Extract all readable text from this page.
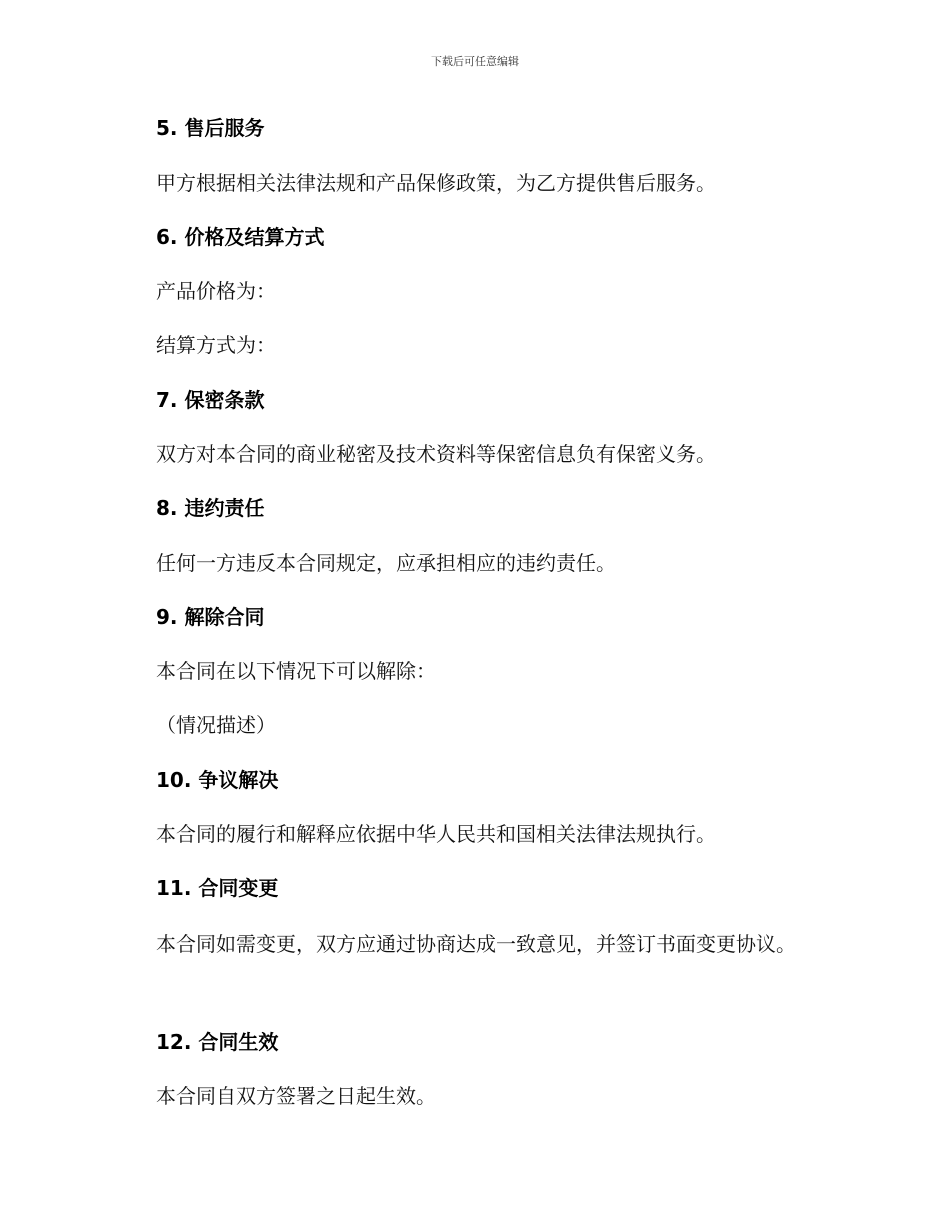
下载后可任意编辑
5. 售后服务
甲方根据相关法律法规和产品保修政策，为乙方提供售后服务。
6. 价格及结算方式
产品价格为：
结算方式为：
7. 保密条款
双方对本合同的商业秘密及技术资料等保密信息负有保密义务。
8. 违约责任
任何一方违反本合同规定，应承担相应的违约责任。
9. 解除合同
本合同在以下情况下可以解除：
（情况描述）
10. 争议解决
本合同的履行和解释应依据中华人民共和国相关法律法规执行。
11. 合同变更
本合同如需变更，双方应通过协商达成一致意见，并签订书面变更协议。
12. 合同生效
本合同自双方签署之日起生效。
